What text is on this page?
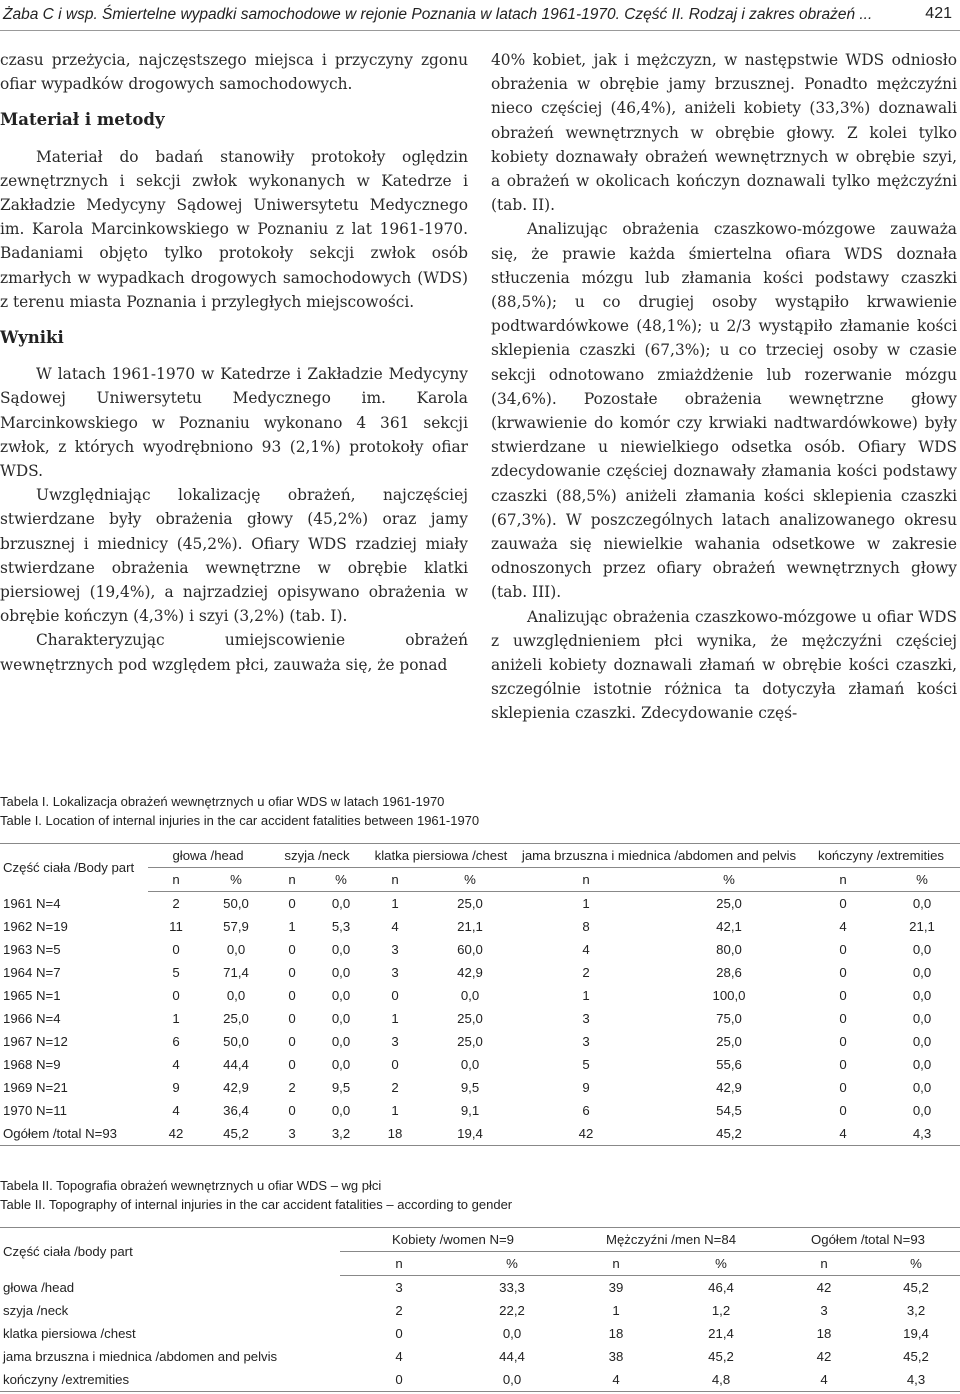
Żaba C i wsp. Śmiertelne wypadki samochodowe w rejonie Poznania w latach 1961-1970. Część II. Rodzaj i zakres obrażeń ...	421

czasu przeżycia, najczęstszego miejsca i przyczyny zgonu ofiar wypadków drogowych samochodowych.

Materiał i metody

Materiał do badań stanowiły protokoły oględzin zewnętrznych i sekcji zwłok wykonanych w Katedrze i Zakładzie Medycyny Sądowej Uniwersytetu Medycznego im. Karola Marcinkowskiego w Poznaniu z lat 1961-1970. Badaniami objęto tylko protokoły sekcji zwłok osób zmarłych w wypadkach drogowych samochodowych (WDS) z terenu miasta Poznania i przyległych miejscowości.

Wyniki

W latach 1961-1970 w Katedrze i Zakładzie Medycyny Sądowej Uniwersytetu Medycznego im. Karola Marcinkowskiego w Poznaniu wykonano 4 361 sekcji zwłok, z których wyodrębniono 93 (2,1%) protokoły ofiar WDS.

Uwzględniając lokalizację obrażeń, najczęściej stwierdzane były obrażenia głowy (45,2%) oraz jamy brzusznej i miednicy (45,2%). Ofiary WDS rzadziej miały stwierdzane obrażenia wewnętrzne w obrębie klatki piersiowej (19,4%), a najrzadziej opisywano obrażenia w obrębie kończyn (4,3%) i szyi (3,2%) (tab. I).

Charakteryzując umiejscowienie obrażeń wewnętrznych pod względem płci, zauważa się, że ponad

40% kobiet, jak i mężczyzn, w następstwie WDS odniosło obrażenia w obrębie jamy brzusznej. Ponadto mężczyźni nieco częściej (46,4%), aniżeli kobiety (33,3%) doznawali obrażeń wewnętrznych w obrębie głowy. Z kolei tylko kobiety doznawały obrażeń wewnętrznych w obrębie szyi, a obrażeń w okolicach kończyn doznawali tylko mężczyźni (tab. II).

Analizując obrażenia czaszkowo-mózgowe zauważa się, że prawie każda śmiertelna ofiara WDS doznała stłuczenia mózgu lub złamania kości podstawy czaszki (88,5%); u co drugiej osoby wystąpiło krwawienie podtwardówkowe (48,1%); u 2/3 wystąpiło złamanie kości sklepienia czaszki (67,3%); u co trzeciej osoby w czasie sekcji odnotowano zmiażdżenie lub rozerwanie mózgu (34,6%). Pozostałe obrażenia wewnętrzne głowy (krwawienie do komór czy krwiaki nadtwardówkowe) były stwierdzane u niewielkiego odsetka osób. Ofiary WDS zdecydowanie częściej doznawały złamania kości podstawy czaszki (88,5%) aniżeli złamania kości sklepienia czaszki (67,3%). W poszczególnych latach analizowanego okresu zauważa się niewielkie wahania odsetkowe w zakresie odnoszonych przez ofiary obrażeń wewnętrznych głowy (tab. III).

Analizując obrażenia czaszkowo-mózgowe u ofiar WDS z uwzględnieniem płci wynika, że mężczyźni częściej aniżeli kobiety doznawali złamań w obrębie kości czaszki, szczególnie istotnie różnica ta dotyczyła złamań kości sklepienia czaszki. Zdecydowanie częś-

Tabela I. Lokalizacja obrażeń wewnętrznych u ofiar WDS w latach 1961-1970
Table I. Location of internal injuries in the car accident fatalities between 1961-1970
Część ciała /Body part	głowa /head		szyja /neck		klatka piersiowa /chest		jama brzuszna i miednica /abdomen and pelvis		kończyny /extremities	
	n	%	n	%	n	%	n	%	n	%
1961 N=4	2	50,0	0	0,0	1	25,0	1	25,0	0	0,0
1962 N=19	11	57,9	1	5,3	4	21,1	8	42,1	4	21,1
1963 N=5	0	0,0	0	0,0	3	60,0	4	80,0	0	0,0
1964 N=7	5	71,4	0	0,0	3	42,9	2	28,6	0	0,0
1965 N=1	0	0,0	0	0,0	0	0,0	1	100,0	0	0,0
1966 N=4	1	25,0	0	0,0	1	25,0	3	75,0	0	0,0
1967 N=12	6	50,0	0	0,0	3	25,0	3	25,0	0	0,0
1968 N=9	4	44,4	0	0,0	0	0,0	5	55,6	0	0,0
1969 N=21	9	42,9	2	9,5	2	9,5	9	42,9	0	0,0
1970 N=11	4	36,4	0	0,0	1	9,1	6	54,5	0	0,0
Ogółem /total N=93	42	45,2	3	3,2	18	19,4	42	45,2	4	4,3
Tabela II. Topografia obrażeń wewnętrznych u ofiar WDS – wg płci
Table II. Topography of internal injuries in the car accident fatalities – according to gender
Część ciała /body part	Kobiety /women N=9		Mężczyźni /men N=84		Ogółem /total N=93	
	n	%	n	%	n	%
głowa /head	3	33,3	39	46,4	42	45,2
szyja /neck	2	22,2	1	1,2	3	3,2
klatka piersiowa /chest	0	0,0	18	21,4	18	19,4
jama brzuszna i miednica /abdomen and pelvis	4	44,4	38	45,2	42	45,2
kończyny /extremities	0	0,0	4	4,8	4	4,3
